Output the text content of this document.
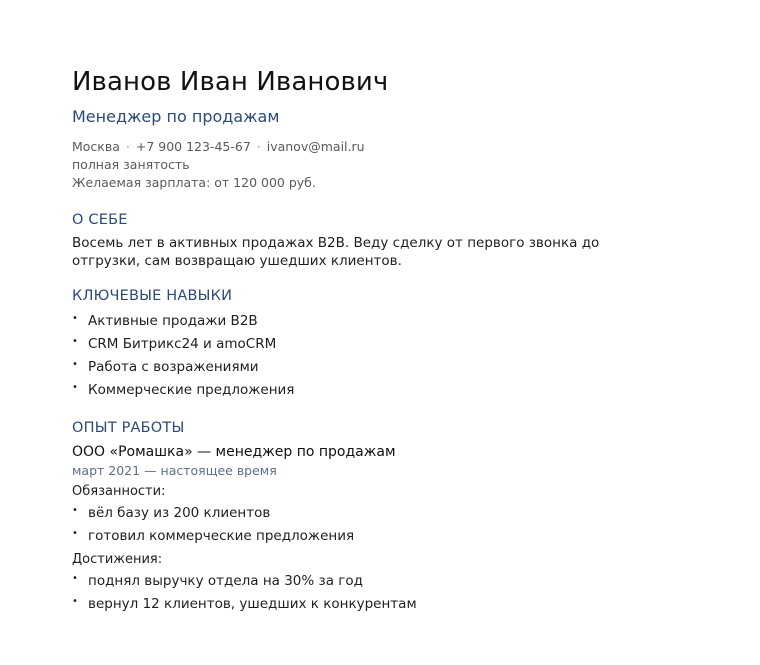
Иванов Иван Иванович
Менеджер по продажам
Москва · +7 900 123-45-67 · ivanov@mail.ru
полная занятость
Желаемая зарплата: от 120 000 руб.
О СЕБЕ
Восемь лет в активных продажах B2B. Веду сделку от первого звонка до отгрузки, сам возвращаю ушедших клиентов.
КЛЮЧЕВЫЕ НАВЫКИ
• Активные продажи B2B
• CRM Битрикс24 и amoCRM
• Работа с возражениями
• Коммерческие предложения
ОПЫТ РАБОТЫ
ООО «Ромашка» — менеджер по продажам
март 2021 — настоящее время
Обязанности:
• вёл базу из 200 клиентов
• готовил коммерческие предложения
Достижения:
• поднял выручку отдела на 30% за год
• вернул 12 клиентов, ушедших к конкурентам
